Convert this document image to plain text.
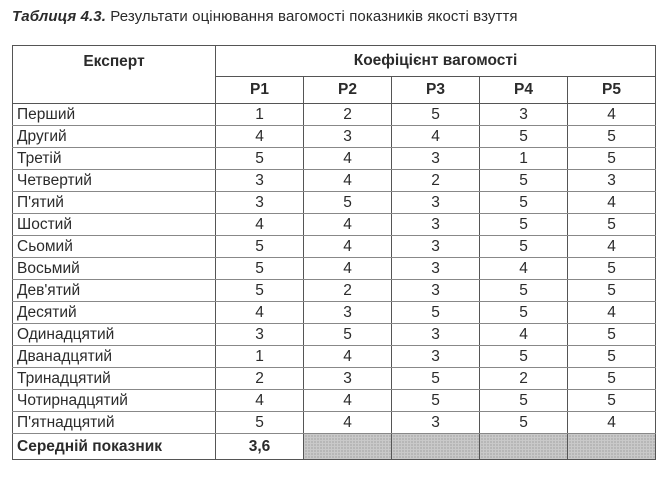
Таблиця 4.3. Результати оцінювання вагомості показників якості взуття
Експерт	Коефіцієнт вагомості				
	P1	P2	P3	P4	P5
Перший	1	2	5	3	4
Другий	4	3	4	5	5
Третій	5	4	3	1	5
Четвертий	3	4	2	5	3
П'ятий	3	5	3	5	4
Шостий	4	4	3	5	5
Сьомий	5	4	3	5	4
Восьмий	5	4	3	4	5
Дев'ятий	5	2	3	5	5
Десятий	4	3	5	5	4
Одинадцятий	3	5	3	4	5
Дванадцятий	1	4	3	5	5
Тринадцятий	2	3	5	2	5
Чотирнадцятий	4	4	5	5	5
П'ятнадцятий	5	4	3	5	4
Середній показник	3,6				
